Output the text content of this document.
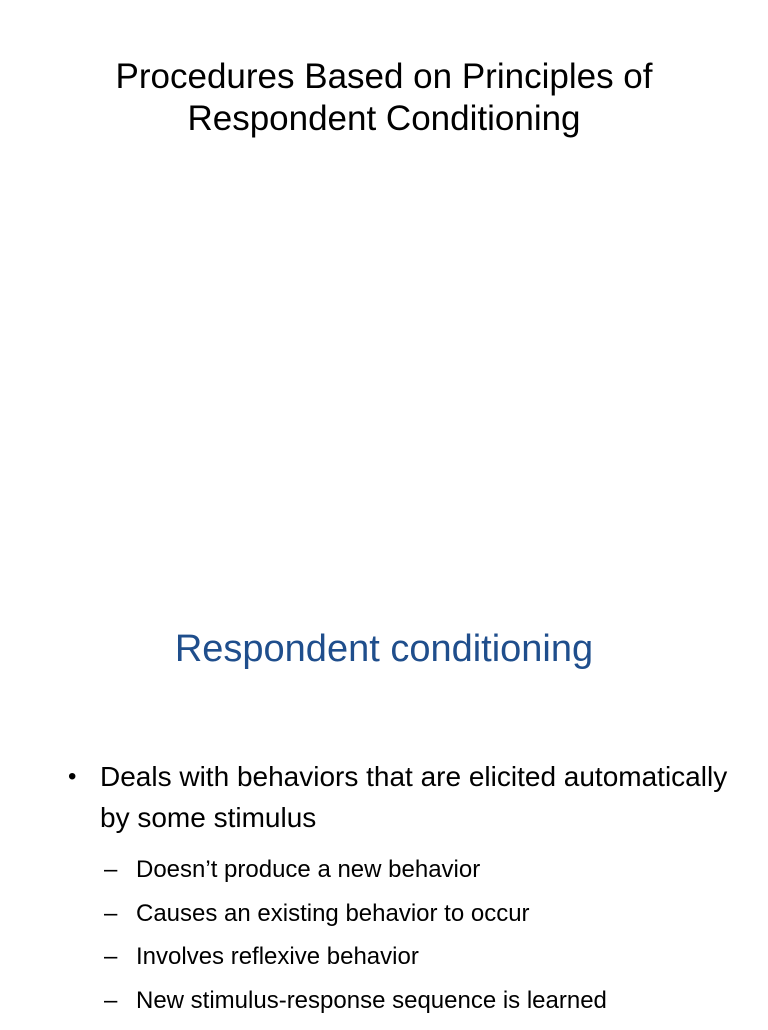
Procedures Based on Principles of
Respondent Conditioning
Respondent conditioning
• Deals with behaviors that are elicited automatically by some stimulus
– Doesn’t produce a new behavior
– Causes an existing behavior to occur
– Involves reflexive behavior
– New stimulus-response sequence is learned
